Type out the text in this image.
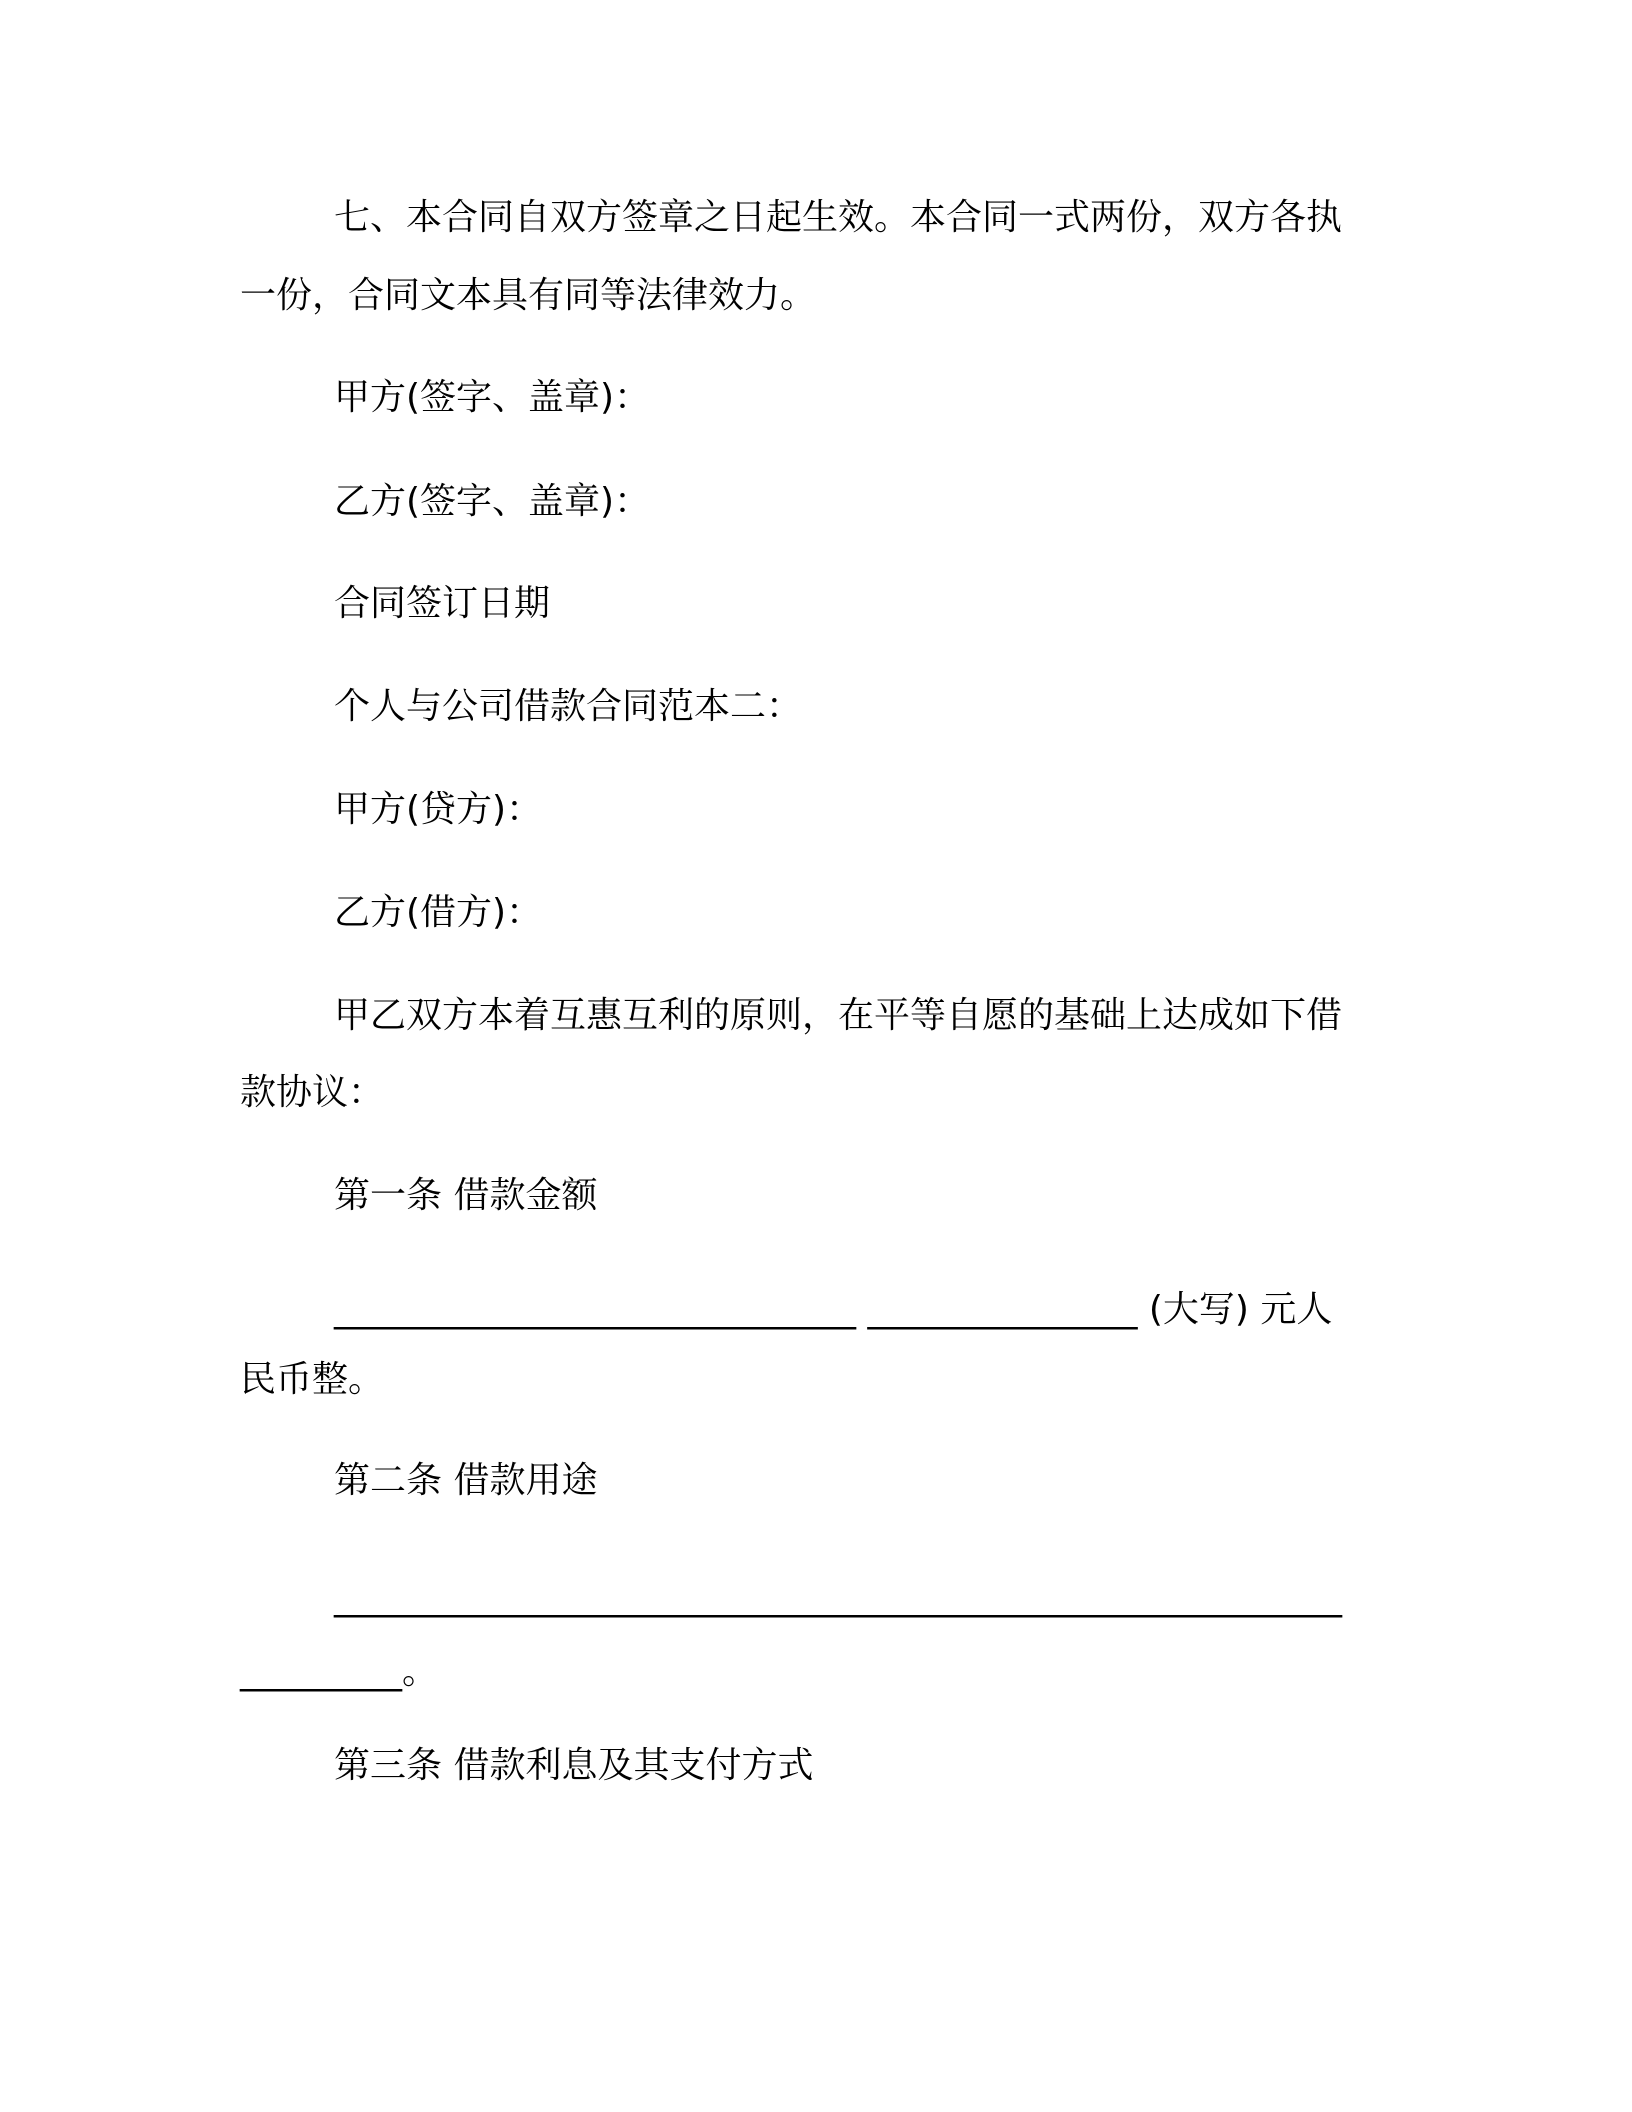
七、本合同自双方签章之日起生效。本合同一式两份，双方各执
一份，合同文本具有同等法律效力。
甲方(签字、盖章)：
乙方(签字、盖章)：
合同签订日期
个人与公司借款合同范本二：
甲方(贷方)：
乙方(借方)：
甲乙双方本着互惠互利的原则，在平等自愿的基础上达成如下借
款协议：
第一条 借款金额
_____________________________ _______________ (大写) 元人
民币整。
第二条 借款用途
________________________________________________________
_________。
第三条 借款利息及其支付方式
